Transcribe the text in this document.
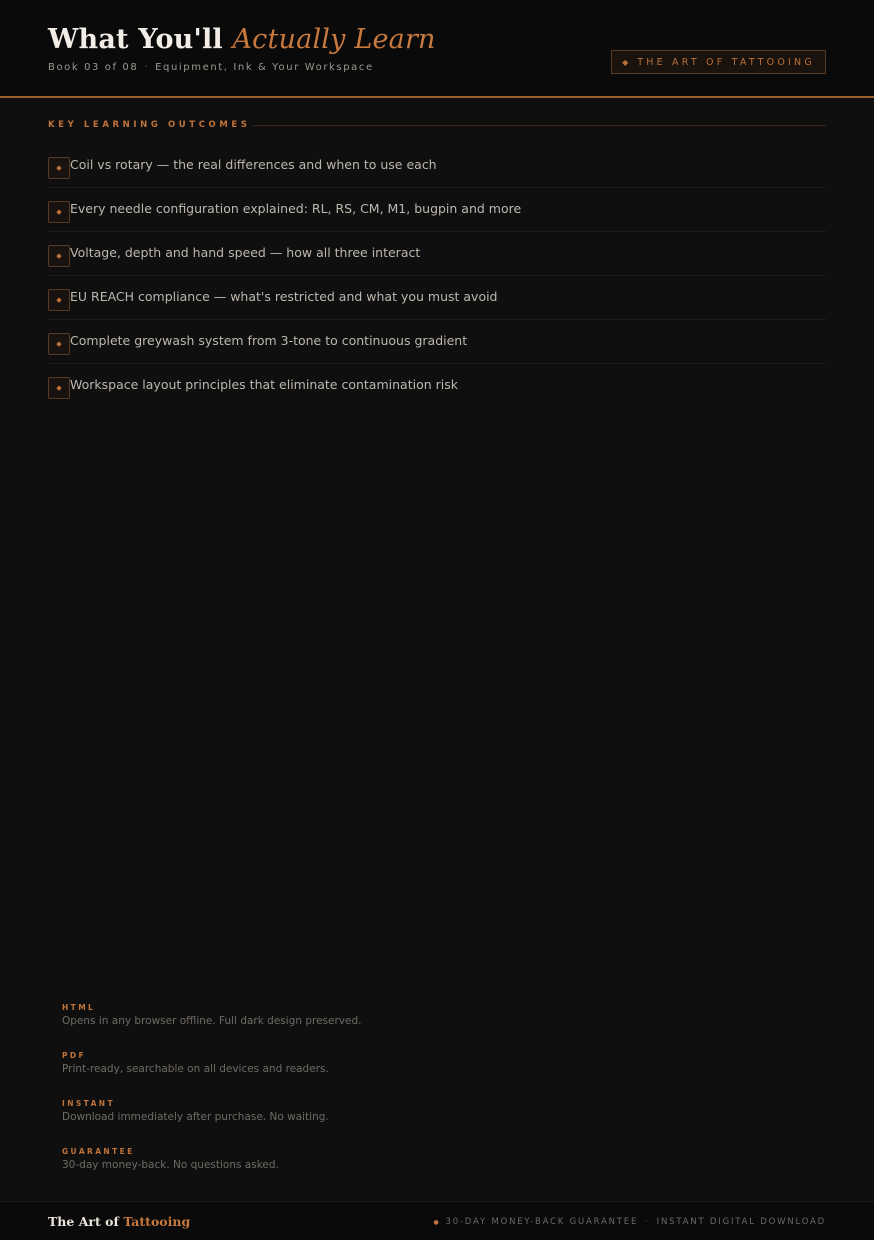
What You'll Actually Learn
Book 03 of 08 · Equipment, Ink & Your Workspace	◆ THE ART OF TATTOOING
KEY LEARNING OUTCOMES
◆ Coil vs rotary — the real differences and when to use each
◆ Every needle configuration explained: RL, RS, CM, M1, bugpin and more
◆ Voltage, depth and hand speed — how all three interact
◆ EU REACH compliance — what's restricted and what you must avoid
◆ Complete greywash system from 3-tone to continuous gradient
◆ Workspace layout principles that eliminate contamination risk
HTML
Opens in any browser offline. Full dark design preserved.
PDF
Print-ready, searchable on all devices and readers.
INSTANT
Download immediately after purchase. No waiting.
GUARANTEE
30-day money-back. No questions asked.
The Art of Tattooing	● 30-DAY MONEY-BACK GUARANTEE · INSTANT DIGITAL DOWNLOAD
